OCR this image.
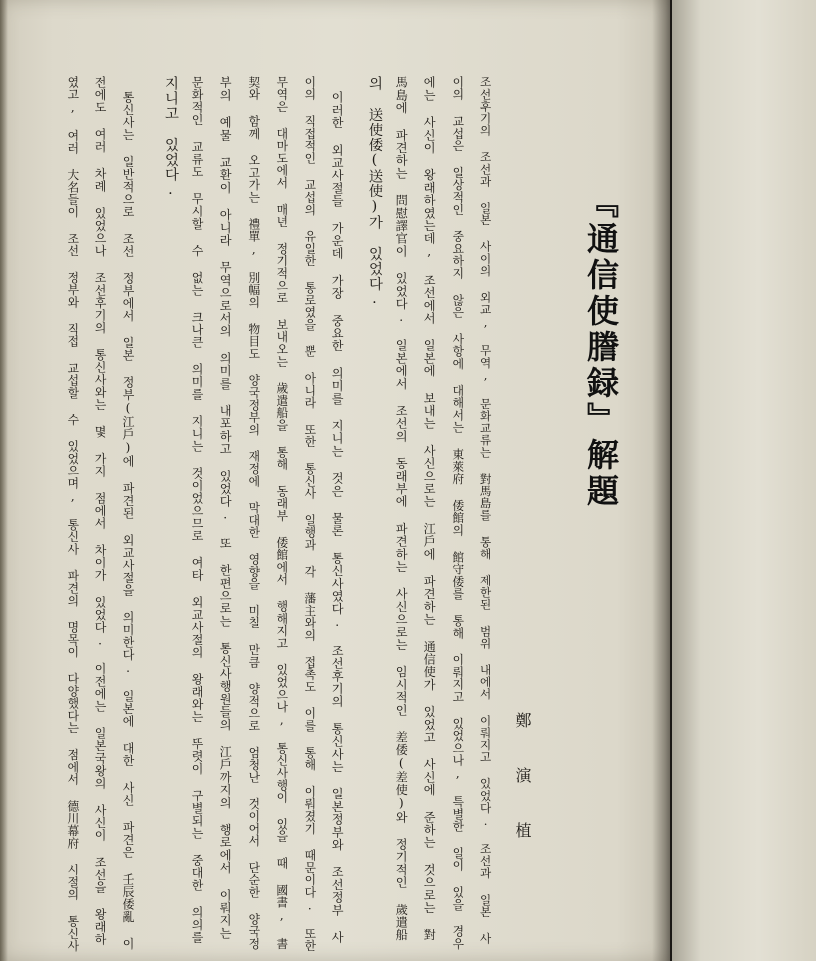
『通信使謄録』解題
鄭 演 植
조선후기의 조선과 일본 사이의 외교, 무역, 문화교류는 對馬島를 통해 제한된 범위 내에서 이뤄지고 있었다. 조선과 일본 사
이의 교섭은 일상적인 중요하지 않은 사항에 대해서는 東萊府 倭館의 館守倭를 통해 이뤄지고 있었으나, 특별한 일이 있을 경우
에는 사신이 왕래하였는데, 조선에서 일본에 보내는 사신으로는 江戶에 파견하는 通信使가 있었고 사신에 준하는 것으로는 對
馬島에 파견하는 問慰譯官이 있었다. 일본에서 조선의 동래부에 파견하는 사신으로는 임시적인 差倭(差使)와 정기적인 歲遣船
의 送使倭(送使)가 있었다.
이러한 외교사절들 가운데 가장 중요한 의미를 지니는 것은 물론 통신사였다. 조선후기의 통신사는 일본정부와 조선정부 사
이의 직접적인 교섭의 유일한 통로였을 뿐 아니라 또한 통신사 일행과 각 藩主와의 접촉도 이를 통해 이뤄졌기 때문이다. 또한
무역은 대마도에서 매년 정기적으로 보내오는 歲遣船을 통해 동래부 倭館에서 행해지고 있었으나, 통신사행이 있을 때 國書, 書
契와 함께 오고가는 禮單, 別幅의 物目도 양국정부의 재정에 막대한 영향을 미칠 만큼 양적으로 엄청난 것이어서 단순한 양국정
부의 예물 교환이 아니라 무역으로서의 의미를 내포하고 있었다. 또 한편으로는 통신사행원들의 江戶까지의 행로에서 이뤄지는
문화적인 교류도 무시할 수 없는 크나큰 의미를 지니는 것이었으므로 여타 외교사절의 왕래와는 뚜렷이 구별되는 중대한 의의를
지니고 있었다.
통신사는 일반적으로 조선 정부에서 일본 정부(江戶)에 파견된 외교사절을 의미한다. 일본에 대한 사신 파견은 壬辰倭亂 이
전에도 여러 차례 있었으나 조선후기의 통신사와는 몇 가지 점에서 차이가 있었다. 이전에는 일본국왕의 사신이 조선을 왕래하
였고, 여러 大名들이 조선 정부와 직접 교섭할 수 있었으며, 통신사 파견의 명목이 다양했다는 점에서 德川幕府 시절의 통신사
